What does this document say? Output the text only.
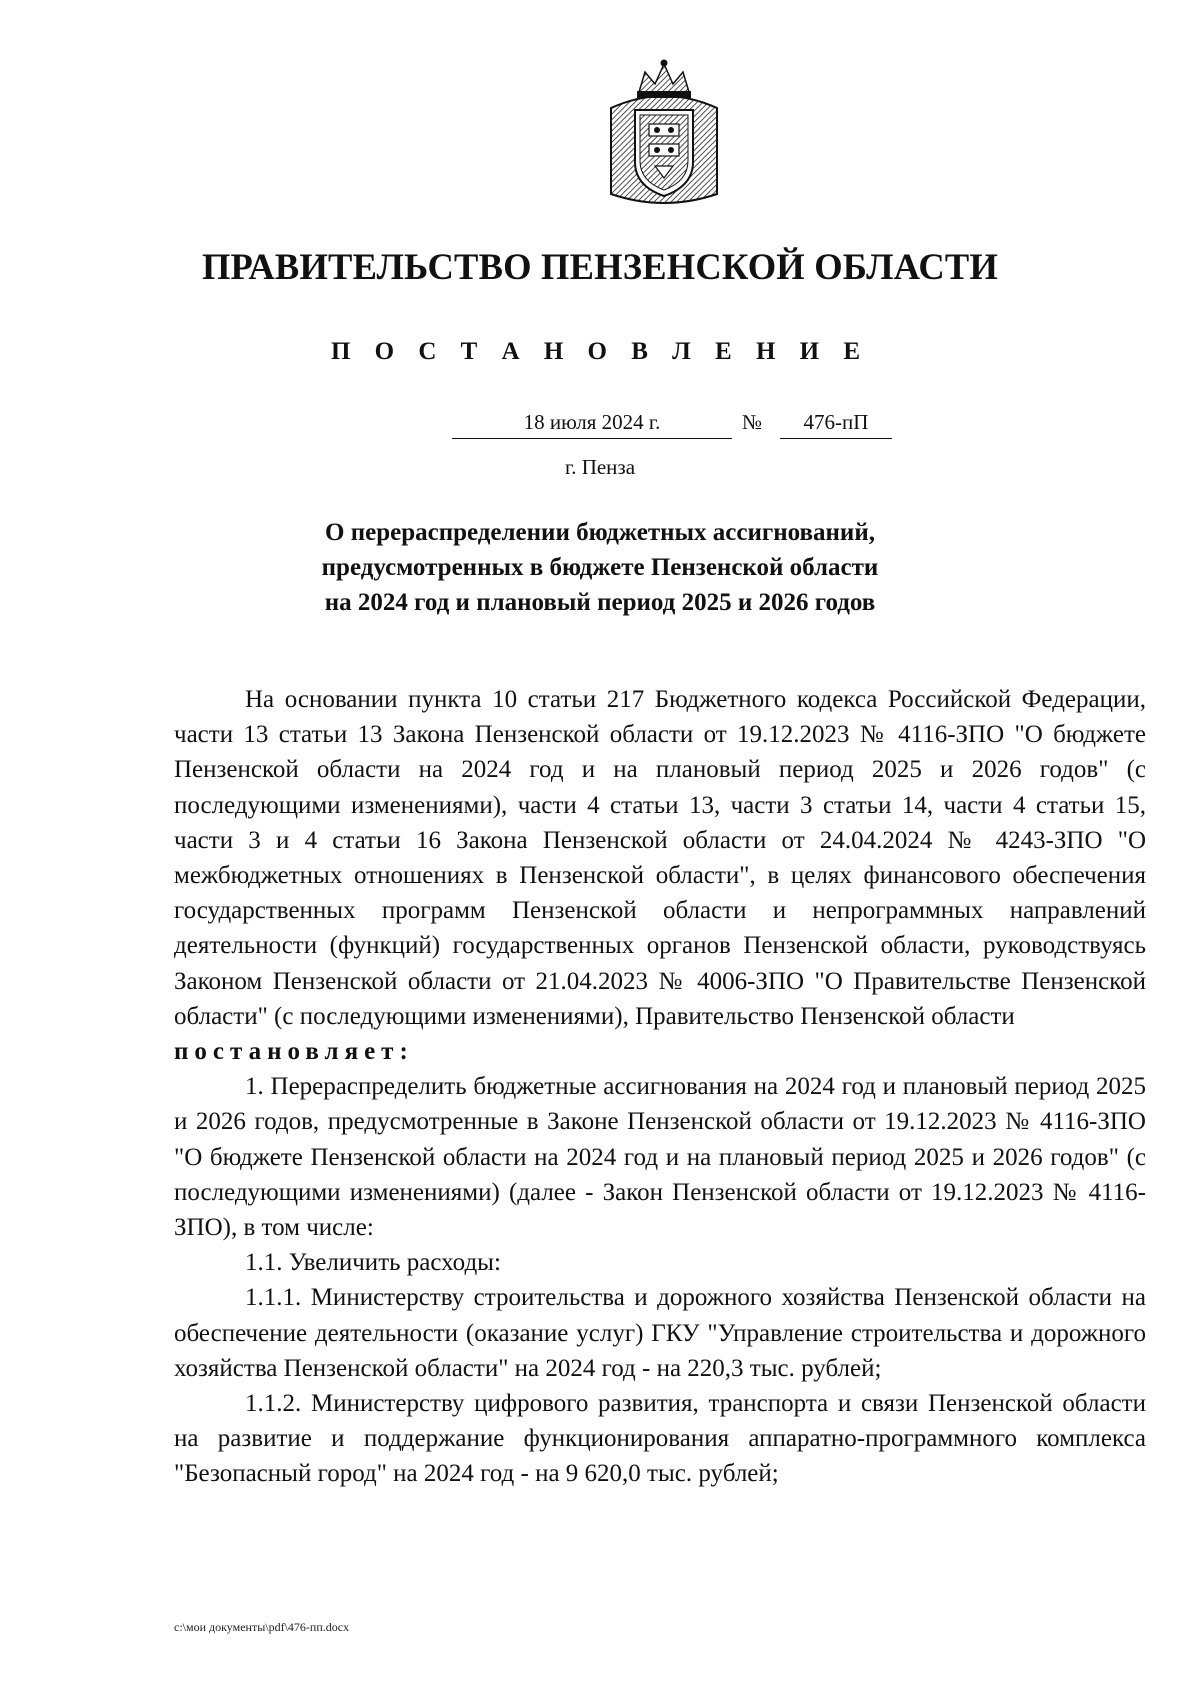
ПРАВИТЕЛЬСТВО ПЕНЗЕНСКОЙ ОБЛАСТИ
П О С Т А Н О В Л Е Н И Е
18 июля 2024 г.	№	476-пП
г. Пенза
О перераспределении бюджетных ассигнований,
предусмотренных в бюджете Пензенской области
на 2024 год и плановый период 2025 и 2026 годов

На основании пункта 10 статьи 217 Бюджетного кодекса Российской Федерации, части 13 статьи 13 Закона Пензенской области от 19.12.2023 № 4116-ЗПО "О бюджете Пензенской области на 2024 год и на плановый период 2025 и 2026 годов" (с последующими изменениями), части 4 статьи 13, части 3 статьи 14, части 4 статьи 15, части 3 и 4 статьи 16 Закона Пензенской области от 24.04.2024 № 4243-ЗПО "О межбюджетных отношениях в Пензенской области", в целях финансового обеспечения государственных программ Пензенской области и непрограммных направлений деятельности (функций) государственных органов Пензенской области, руководствуясь Законом Пензенской области от 21.04.2023 № 4006-ЗПО "О Правительстве Пензенской области" (с последующими изменениями), Правительство Пензенской области

постановляет:

1. Перераспределить бюджетные ассигнования на 2024 год и плановый период 2025 и 2026 годов, предусмотренные в Законе Пензенской области от 19.12.2023 № 4116-ЗПО "О бюджете Пензенской области на 2024 год и на плановый период 2025 и 2026 годов" (с последующими изменениями) (далее - Закон Пензенской области от 19.12.2023 № 4116-ЗПО), в том числе:

1.1. Увеличить расходы:

1.1.1. Министерству строительства и дорожного хозяйства Пензенской области на обеспечение деятельности (оказание услуг) ГКУ "Управление строительства и дорожного хозяйства Пензенской области" на 2024 год - на 220,3 тыс. рублей;

1.1.2. Министерству цифрового развития, транспорта и связи Пензенской области на развитие и поддержание функционирования аппаратно-программного комплекса "Безопасный город" на 2024 год - на 9 620,0 тыс. рублей;

c:\мои документы\pdf\476-пп.docx
